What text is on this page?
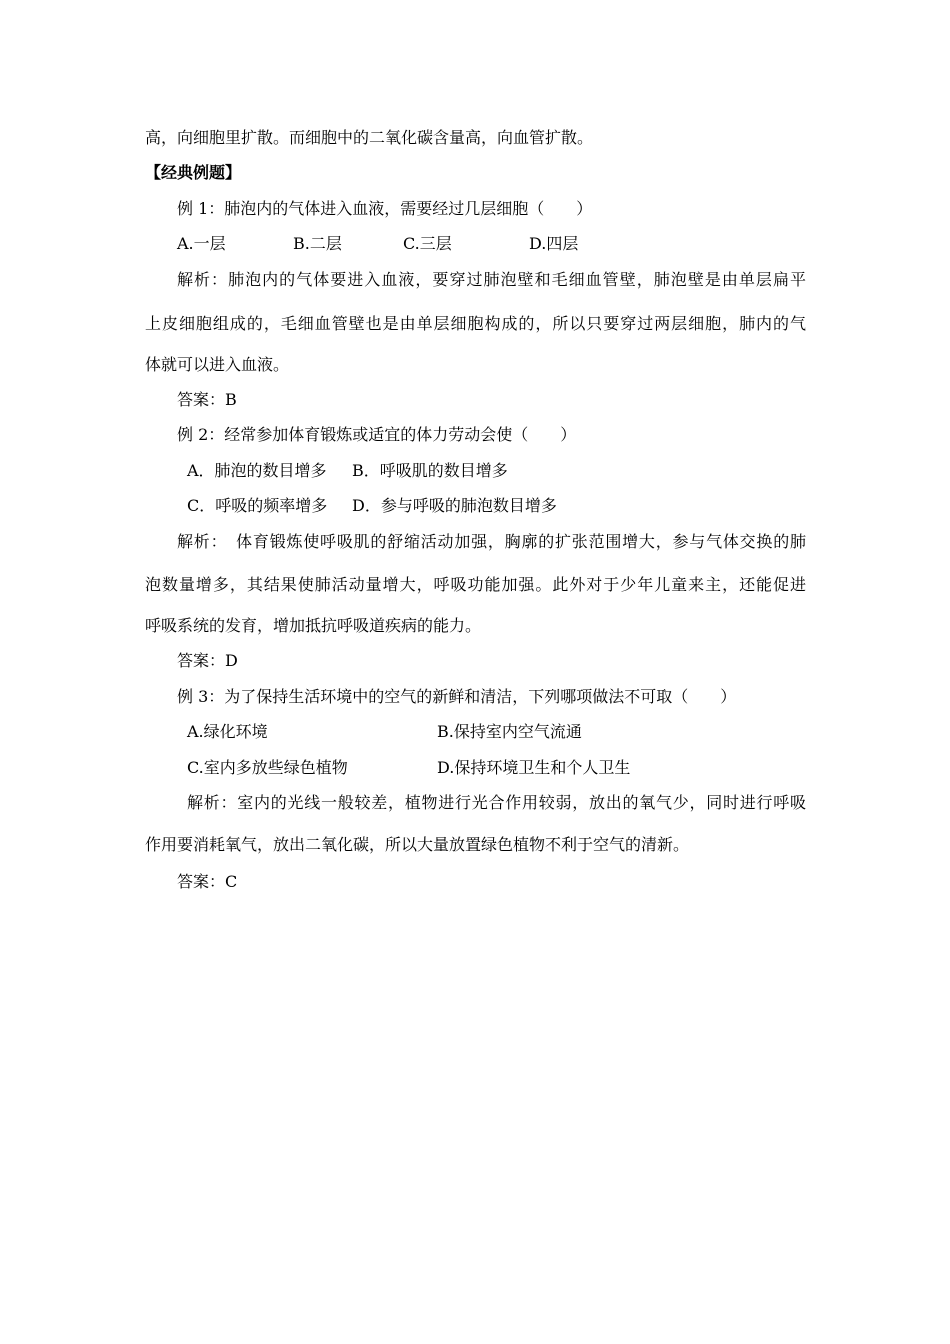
高，向细胞里扩散。而细胞中的二氧化碳含量高，向血管扩散。
【经典例题】
例 1：肺泡内的气体进入血液，需要经过几层细胞（　　）
A.一层	B.二层	C.三层	D.四层
解析：肺泡内的气体要进入血液，要穿过肺泡壁和毛细血管壁，肺泡壁是由单层扁平
上皮细胞组成的，毛细血管壁也是由单层细胞构成的，所以只要穿过两层细胞，肺内的气
体就可以进入血液。
答案：B
例 2：经常参加体育锻炼或适宜的体力劳动会使（　　）
A．肺泡的数目增多 B．呼吸肌的数目增多
C．呼吸的频率增多 D．参与呼吸的肺泡数目增多
解析：　体育锻炼使呼吸肌的舒缩活动加强，胸廓的扩张范围增大，参与气体交换的肺
泡数量增多，其结果使肺活动量增大，呼吸功能加强。此外对于少年儿童来主，还能促进
呼吸系统的发育，增加抵抗呼吸道疾病的能力。
答案：D
例 3：为了保持生活环境中的空气的新鲜和清洁，下列哪项做法不可取（　　）
A.绿化环境	B.保持室内空气流通
C.室内多放些绿色植物	D.保持环境卫生和个人卫生
解析：室内的光线一般较差，植物进行光合作用较弱，放出的氧气少，同时进行呼吸
作用要消耗氧气，放出二氧化碳，所以大量放置绿色植物不利于空气的清新。
答案：C
